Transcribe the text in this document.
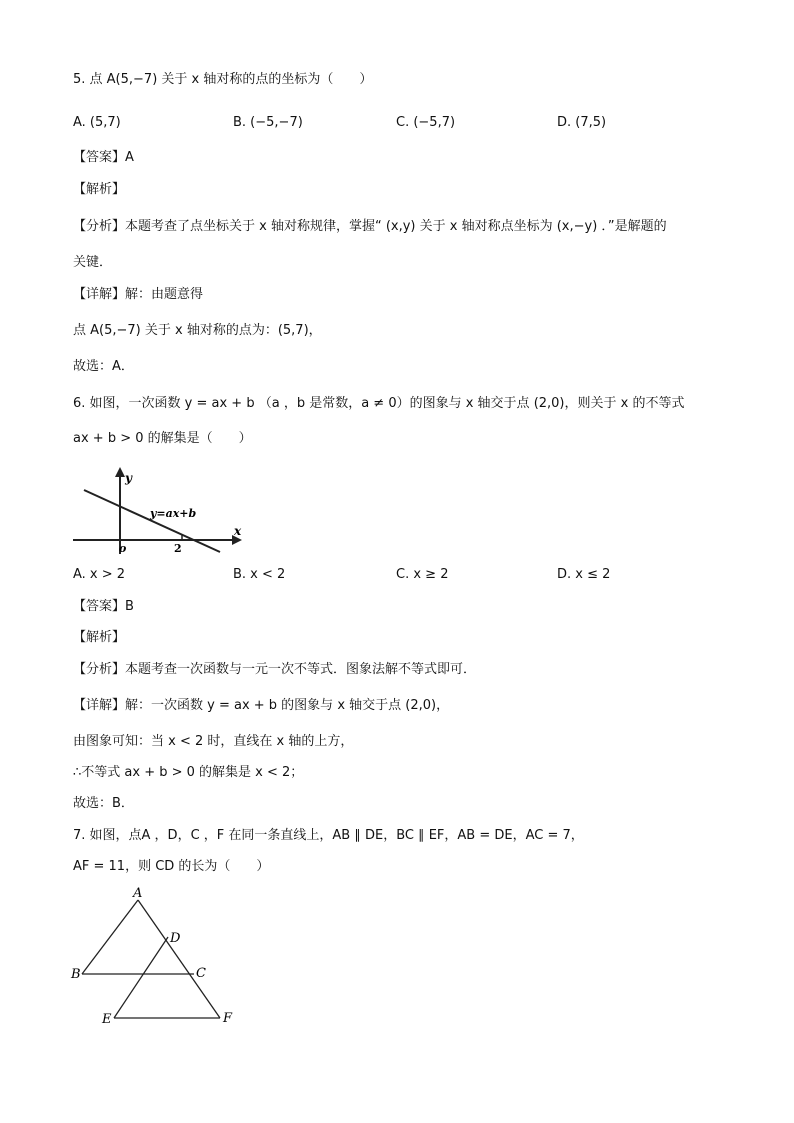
5. 点 A(5,−7) 关于 x 轴对称的点的坐标为（　　）
A. (5,7)	B. (−5,−7)	C. (−5,7)	D. (7,5)
【答案】A
【解析】
【分析】本题考查了点坐标关于 x 轴对称规律，掌握“ (x,y) 关于 x 轴对称点坐标为 (x,−y) ．”是解题的
关键．
【详解】解：由题意得
点 A(5,−7) 关于 x 轴对称的点为：(5,7)，
故选：A．
6. 如图，一次函数 y = ax + b （a ，b 是常数，a ≠ 0）的图象与 x 轴交于点 (2,0)，则关于 x 的不等式
ax + b > 0 的解集是（　　）
y
x
o	2
y=ax+b
A. x > 2	B. x < 2	C. x ≥ 2	D. x ≤ 2
【答案】B
【解析】
【分析】本题考查一次函数与一元一次不等式．图象法解不等式即可．
【详解】解：一次函数 y = ax + b 的图象与 x 轴交于点 (2,0)，
由图象可知：当 x < 2 时，直线在 x 轴的上方，
∴不等式 ax + b > 0 的解集是 x < 2；
故选：B．
7. 如图，点A ，D，C ，F 在同一条直线上，AB ∥ DE，BC ∥ EF，AB = DE，AC = 7，
AF = 11，则 CD 的长为（　　）
A
B	C
D
E	F
